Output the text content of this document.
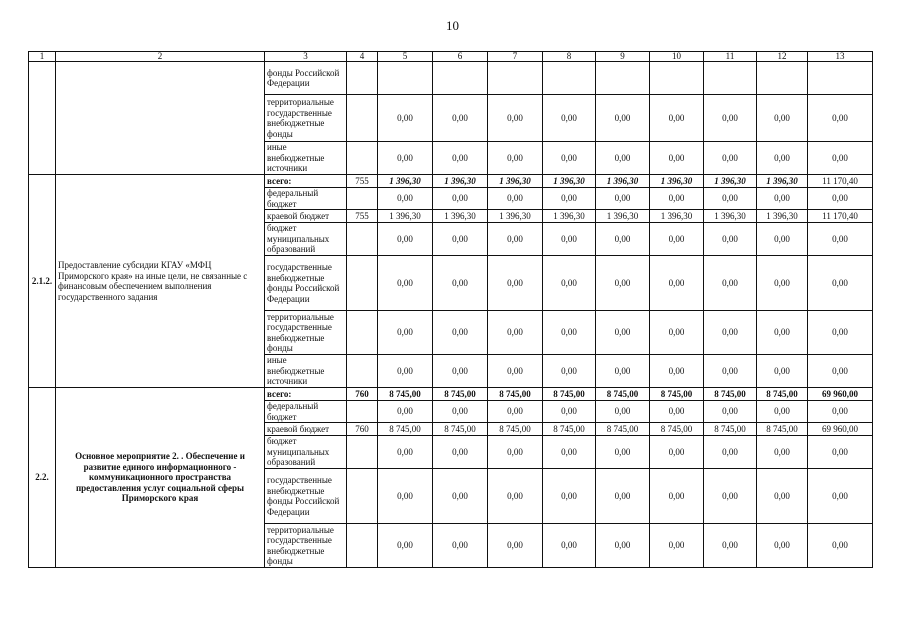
10
1	2	3	4	5	6	7	8	9	10	11	12	13
		фонды Российской Федерации										
		территориальные государственные внебюджетные фонды		0,00	0,00	0,00	0,00	0,00	0,00	0,00	0,00	0,00
		иные внебюджетные источники		0,00	0,00	0,00	0,00	0,00	0,00	0,00	0,00	0,00
2.1.2.	Предоставление субсидии КГАУ «МФЦ Приморского края» на иные цели, не связанные с финансовым обеспечением выполнения государственного задания	всего:	755	1 396,30	1 396,30	1 396,30	1 396,30	1 396,30	1 396,30	1 396,30	1 396,30	11 170,40
		федеральный бюджет		0,00	0,00	0,00	0,00	0,00	0,00	0,00	0,00	0,00
		краевой бюджет	755	1 396,30	1 396,30	1 396,30	1 396,30	1 396,30	1 396,30	1 396,30	1 396,30	11 170,40
		бюджет муниципальных образований		0,00	0,00	0,00	0,00	0,00	0,00	0,00	0,00	0,00
		государственные внебюджетные фонды Российской Федерации		0,00	0,00	0,00	0,00	0,00	0,00	0,00	0,00	0,00
		территориальные государственные внебюджетные фонды		0,00	0,00	0,00	0,00	0,00	0,00	0,00	0,00	0,00
		иные внебюджетные источники		0,00	0,00	0,00	0,00	0,00	0,00	0,00	0,00	0,00
2.2.	Основное мероприятие 2. . Обеспечение и развитие единого информационного - коммуникационного пространства предоставления услуг социальной сферы Приморского края	всего:	760	8 745,00	8 745,00	8 745,00	8 745,00	8 745,00	8 745,00	8 745,00	8 745,00	69 960,00
		федеральный бюджет		0,00	0,00	0,00	0,00	0,00	0,00	0,00	0,00	0,00
		краевой бюджет	760	8 745,00	8 745,00	8 745,00	8 745,00	8 745,00	8 745,00	8 745,00	8 745,00	69 960,00
		бюджет муниципальных образований		0,00	0,00	0,00	0,00	0,00	0,00	0,00	0,00	0,00
		государственные внебюджетные фонды Российской Федерации		0,00	0,00	0,00	0,00	0,00	0,00	0,00	0,00	0,00
		территориальные государственные внебюджетные фонды		0,00	0,00	0,00	0,00	0,00	0,00	0,00	0,00	0,00
